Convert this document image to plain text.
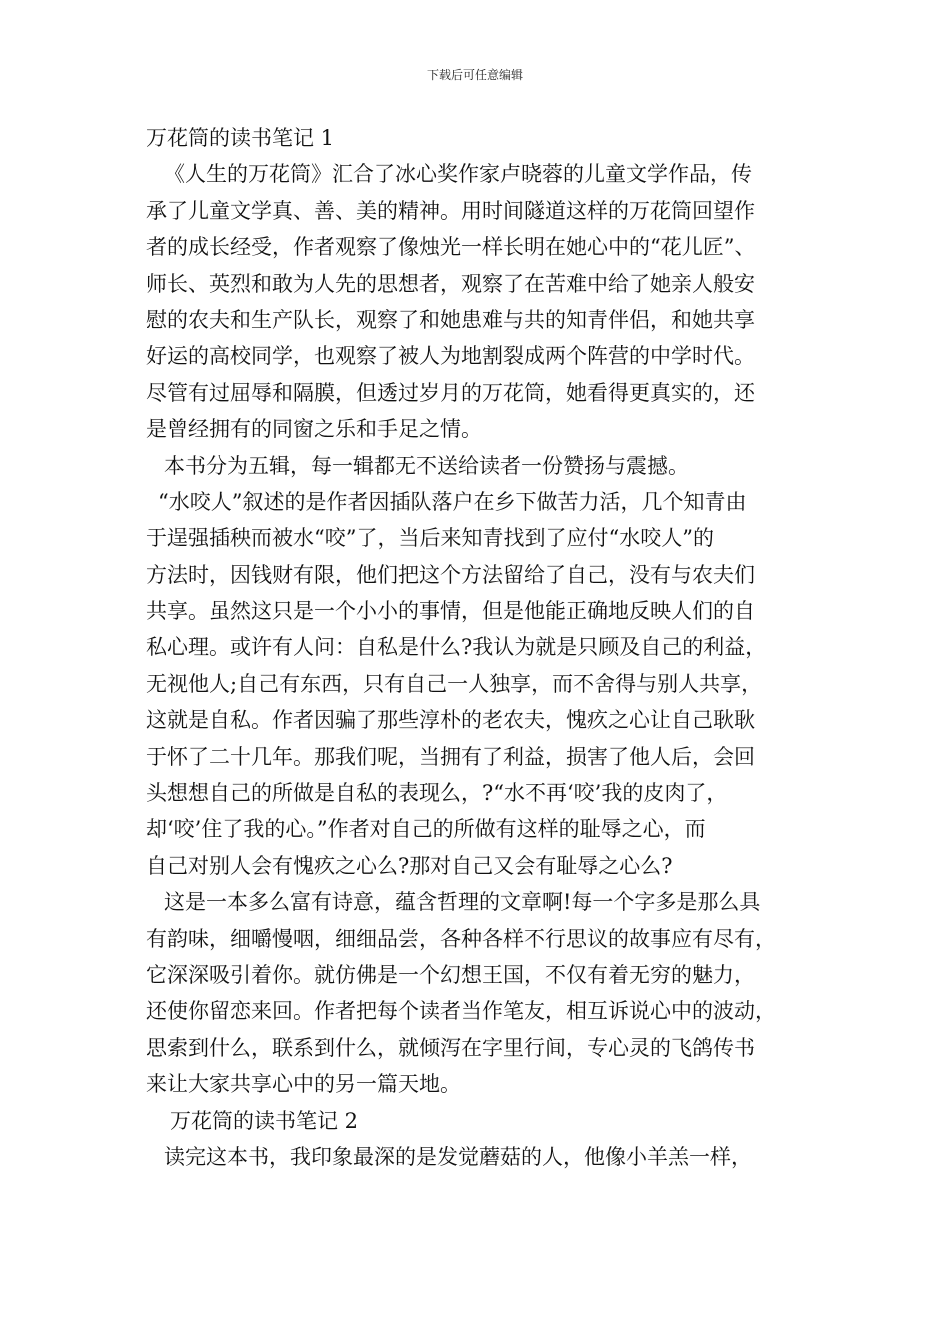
下载后可任意编辑
万花筒的读书笔记 1
《人生的万花筒》汇合了冰心奖作家卢晓蓉的儿童文学作品，传
承了儿童文学真、善、美的精神。用时间隧道这样的万花筒回望作
者的成长经受，作者观察了像烛光一样长明在她心中的“花儿匠”、
师长、英烈和敢为人先的思想者，观察了在苦难中给了她亲人般安
慰的农夫和生产队长，观察了和她患难与共的知青伴侣，和她共享
好运的高校同学，也观察了被人为地割裂成两个阵营的中学时代。
尽管有过屈辱和隔膜，但透过岁月的万花筒，她看得更真实的，还
是曾经拥有的同窗之乐和手足之情。
本书分为五辑，每一辑都无不送给读者一份赞扬与震撼。
“水咬人”叙述的是作者因插队落户在乡下做苦力活，几个知青由
于逞强插秧而被水“咬”了，当后来知青找到了应付“水咬人”的
方法时，因钱财有限，他们把这个方法留给了自己，没有与农夫们
共享。虽然这只是一个小小的事情，但是他能正确地反映人们的自
私心理。或许有人问：自私是什么?我认为就是只顾及自己的利益，
无视他人;自己有东西，只有自己一人独享，而不舍得与别人共享，
这就是自私。作者因骗了那些淳朴的老农夫，愧疚之心让自己耿耿
于怀了二十几年。那我们呢，当拥有了利益，损害了他人后，会回
头想想自己的所做是自私的表现么，?“水不再‘咬’我的皮肉了，
却‘咬’住了我的心。”作者对自己的所做有这样的耻辱之心，而
自己对别人会有愧疚之心么?那对自己又会有耻辱之心么?
这是一本多么富有诗意，蕴含哲理的文章啊!每一个字多是那么具
有韵味，细嚼慢咽，细细品尝，各种各样不行思议的故事应有尽有，
它深深吸引着你。就仿佛是一个幻想王国，不仅有着无穷的魅力，
还使你留恋来回。作者把每个读者当作笔友，相互诉说心中的波动，
思索到什么，联系到什么，就倾泻在字里行间，专心灵的飞鸽传书
来让大家共享心中的另一篇天地。
万花筒的读书笔记 2
读完这本书，我印象最深的是发觉蘑菇的人，他像小羊羔一样，
